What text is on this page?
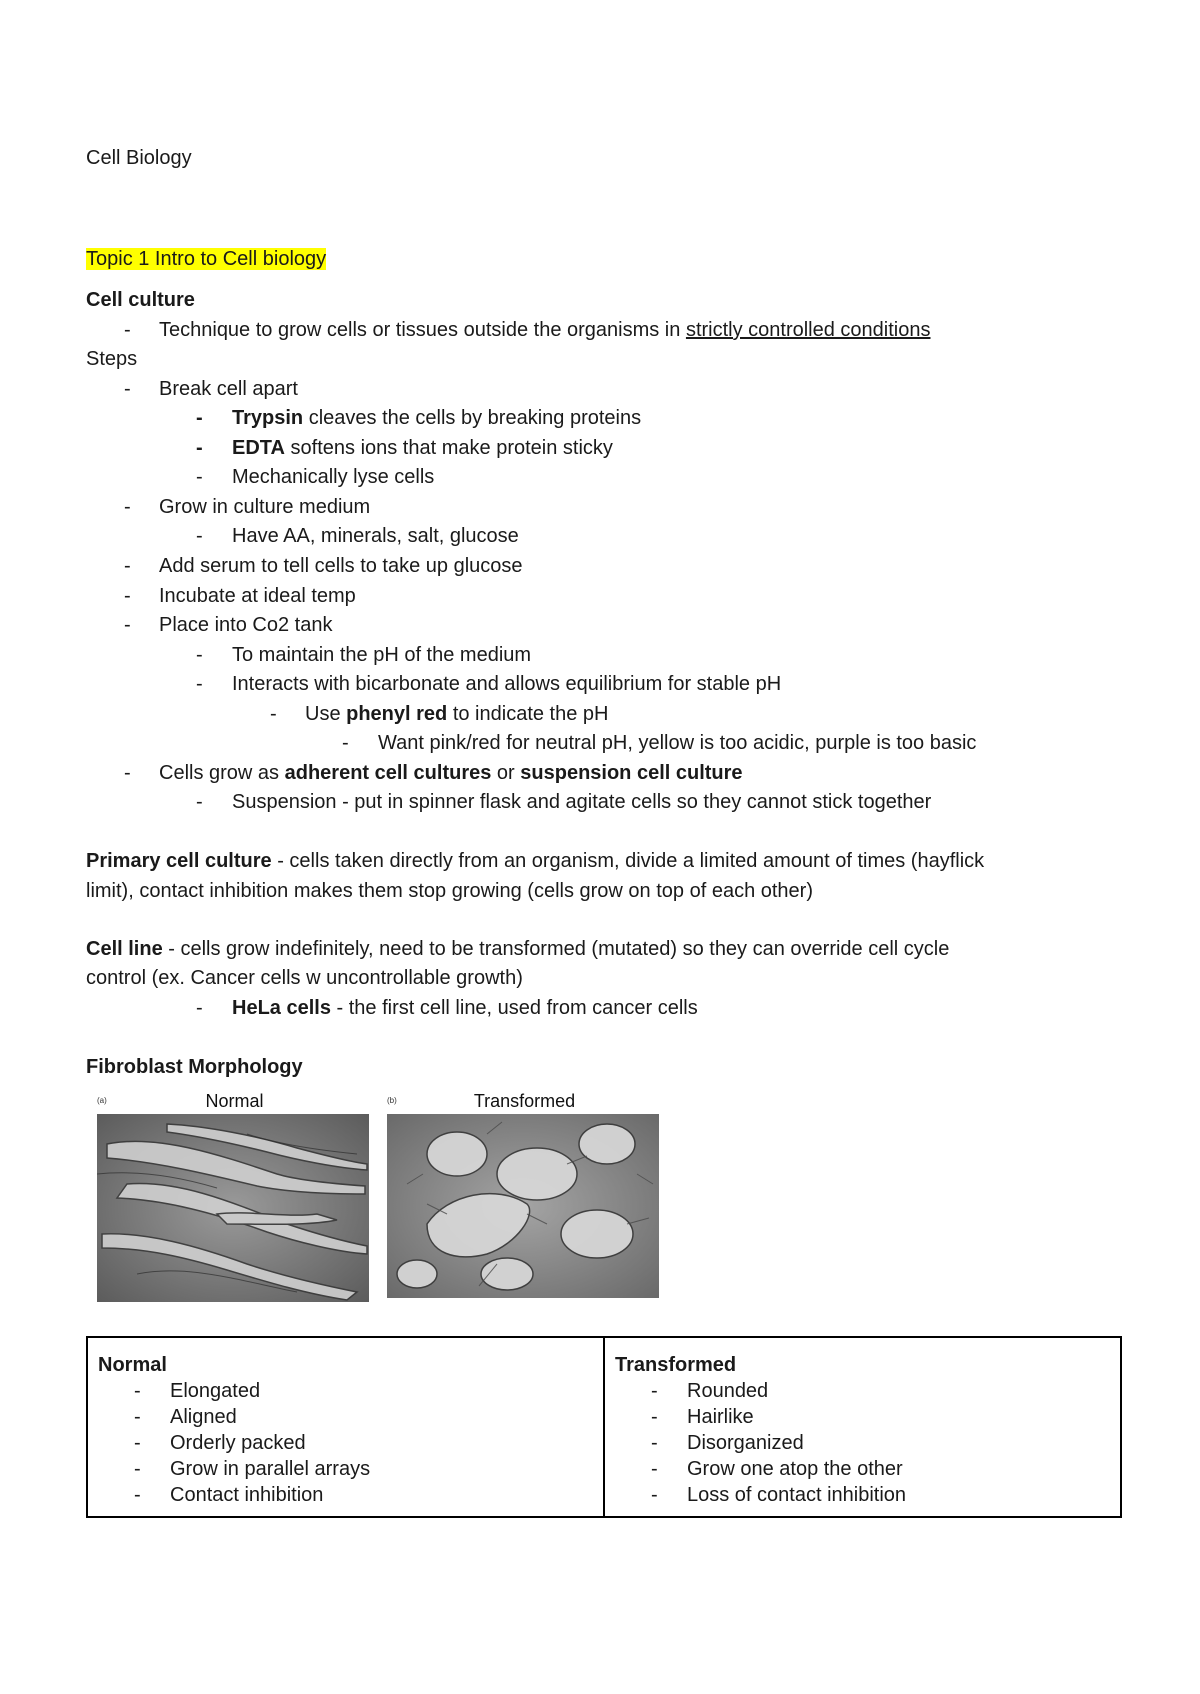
Cell Biology
Topic 1 Intro to Cell biology
Cell culture
- Technique to grow cells or tissues outside the organisms in strictly controlled conditions
Steps
- Break cell apart
- Trypsin cleaves the cells by breaking proteins
- EDTA softens ions that make protein sticky
- Mechanically lyse cells
- Grow in culture medium
- Have AA, minerals, salt, glucose
- Add serum to tell cells to take up glucose
- Incubate at ideal temp
- Place into Co2 tank
- To maintain the pH of the medium
- Interacts with bicarbonate and allows equilibrium for stable pH
- Use phenyl red to indicate the pH
- Want pink/red for neutral pH, yellow is too acidic, purple is too basic
- Cells grow as adherent cell cultures or suspension cell culture
- Suspension - put in spinner flask and agitate cells so they cannot stick together
Primary cell culture - cells taken directly from an organism, divide a limited amount of times (hayflick
limit), contact inhibition makes them stop growing (cells grow on top of each other)
Cell line - cells grow indefinitely, need to be transformed (mutated) so they can override cell cycle
control (ex. Cancer cells w uncontrollable growth)
- HeLa cells - the first cell line, used from cancer cells
Fibroblast Morphology
(a)	Normal	(b)	Transformed
Normal
- Elongated
- Aligned
- Orderly packed
- Grow in parallel arrays
- Contact inhibition

Transformed
- Rounded
- Hairlike
- Disorganized
- Grow one atop the other
- Loss of contact inhibition
